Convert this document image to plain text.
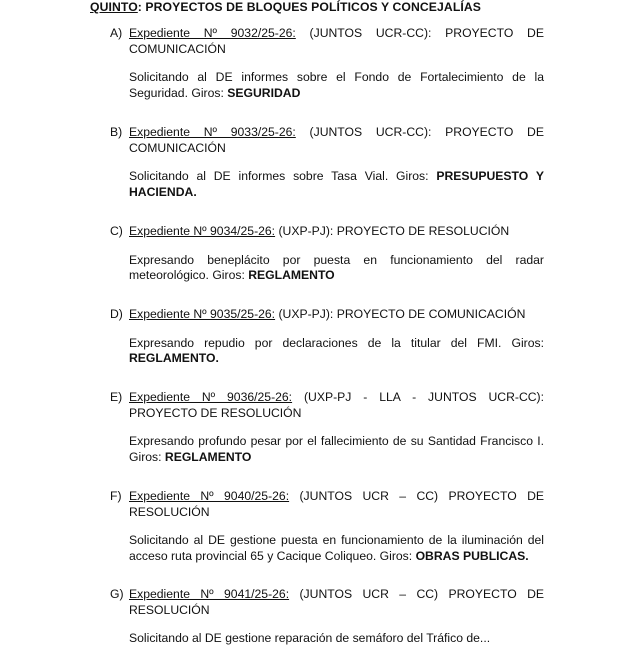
QUINTO: PROYECTOS DE BLOQUES POLÍTICOS Y CONCEJALÍAS
A) Expediente Nº 9032/25-26: (JUNTOS UCR-CC): PROYECTO DE COMUNICACIÓN
Solicitando al DE informes sobre el Fondo de Fortalecimiento de la Seguridad. Giros: SEGURIDAD
B) Expediente Nº 9033/25-26: (JUNTOS UCR-CC): PROYECTO DE COMUNICACIÓN
Solicitando al DE informes sobre Tasa Vial. Giros: PRESUPUESTO Y HACIENDA.
C) Expediente Nº 9034/25-26: (UXP-PJ): PROYECTO DE RESOLUCIÓN
Expresando beneplácito por puesta en funcionamiento del radar meteorológico. Giros: REGLAMENTO
D) Expediente Nº 9035/25-26: (UXP-PJ): PROYECTO DE COMUNICACIÓN
Expresando repudio por declaraciones de la titular del FMI. Giros: REGLAMENTO.
E) Expediente Nº 9036/25-26: (UXP-PJ - LLA - JUNTOS UCR-CC): PROYECTO DE RESOLUCIÓN
Expresando profundo pesar por el fallecimiento de su Santidad Francisco I. Giros: REGLAMENTO
F) Expediente Nº 9040/25-26: (JUNTOS UCR – CC) PROYECTO DE RESOLUCIÓN
Solicitando al DE gestione puesta en funcionamiento de la iluminación del acceso ruta provincial 65 y Cacique Coliqueo. Giros: OBRAS PUBLICAS.
G) Expediente Nº 9041/25-26: (JUNTOS UCR – CC) PROYECTO DE RESOLUCIÓN
Solicitando al DE gestione reparación de semáforo del Tráfico de...
